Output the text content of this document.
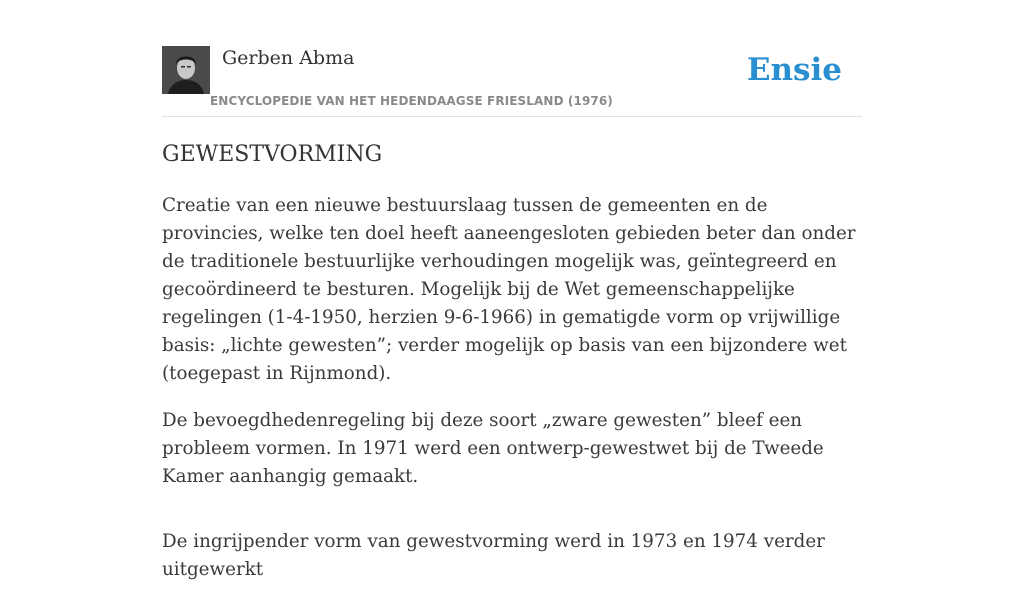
Gerben Abma
ENCYCLOPEDIE VAN HET HEDENDAAGSE FRIESLAND (1976)
Ensie
GEWESTVORMING

Creatie van een nieuwe bestuurslaag tussen de gemeenten en de provincies, welke ten doel heeft aaneengesloten gebieden beter dan onder de traditionele bestuurlijke verhoudingen mogelijk was, geïntegreerd en gecoördineerd te besturen. Mogelijk bij de Wet gemeenschappelijke regelingen (1-4-1950, herzien 9-6-1966) in gematigde vorm op vrijwillige basis: „lichte gewesten”; verder mogelijk op basis van een bijzondere wet (toegepast in Rijnmond).

De bevoegdhedenregeling bij deze soort „zware gewesten” bleef een probleem vormen. In 1971 werd een ontwerp-gewestwet bij de Tweede Kamer aanhangig gemaakt.

De ingrijpender vorm van gewestvorming werd in 1973 en 1974 verder uitgewerkt
